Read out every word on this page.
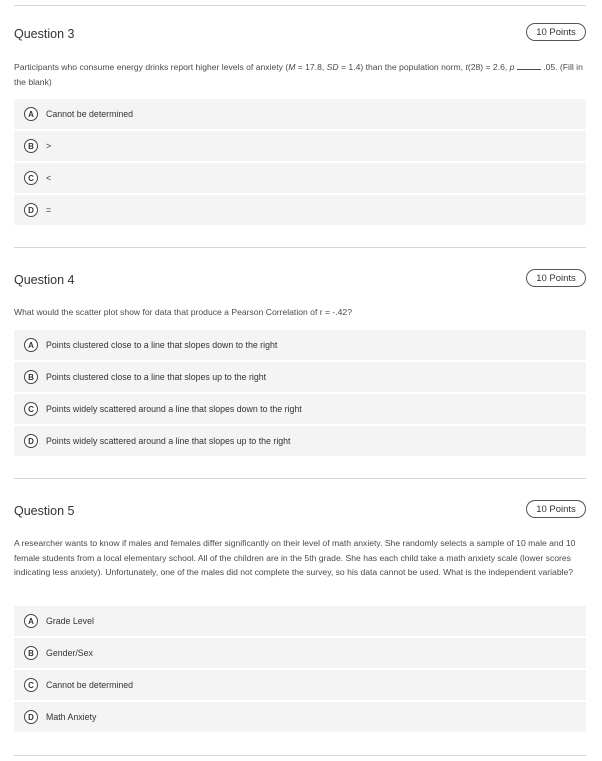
Question 3	10 Points
Participants who consume energy drinks report higher levels of anxiety (M = 17.8, SD = 1.4) than the population norm, t(28) = 2.6, p	.05. (Fill in the blank)
A	Cannot be determined
B	>
C	<
D	=
Question 4	10 Points
What would the scatter plot show for data that produce a Pearson Correlation of r = -.42?
A	Points clustered close to a line that slopes down to the right
B	Points clustered close to a line that slopes up to the right
C	Points widely scattered around a line that slopes down to the right
D	Points widely scattered around a line that slopes up to the right
Question 5	10 Points
A researcher wants to know if males and females differ significantly on their level of math anxiety. She randomly selects a sample of 10 male and 10 female students from a local elementary school. All of the children are in the 5th grade. She has each child take a math anxiety scale (lower scores indicating less anxiety). Unfortunately, one of the males did not complete the survey, so his data cannot be used. What is the independent variable?
A	Grade Level
B	Gender/Sex
C	Cannot be determined
D	Math Anxiety
